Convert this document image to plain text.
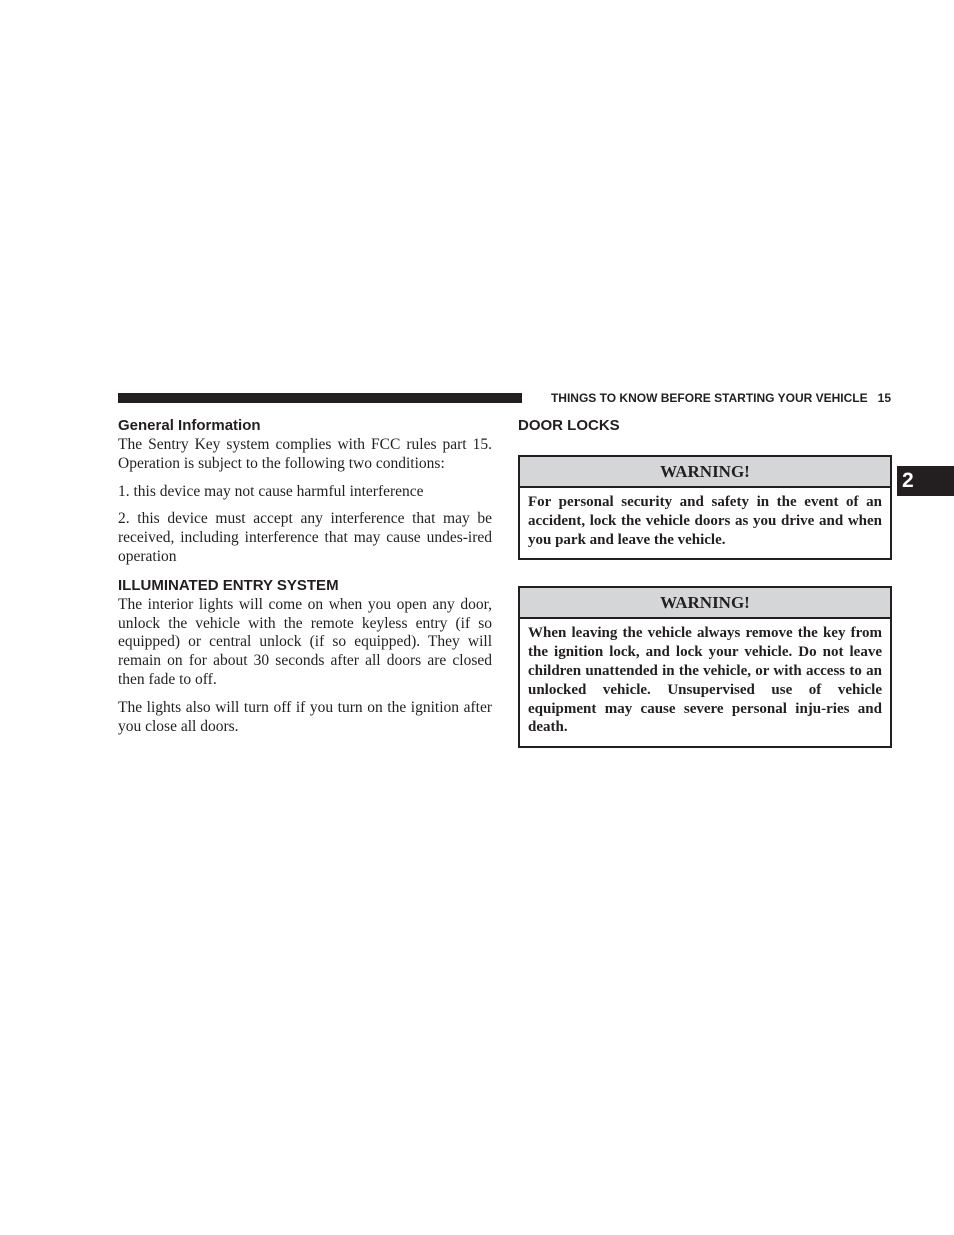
THINGS TO KNOW BEFORE STARTING YOUR VEHICLE 15
2
General Information

The Sentry Key system complies with FCC rules part 15. Operation is subject to the following two conditions:

1. this device may not cause harmful interference

2. this device must accept any interference that may be received, including interference that may cause undes-ired operation

ILLUMINATED ENTRY SYSTEM

The interior lights will come on when you open any door, unlock the vehicle with the remote keyless entry (if so equipped) or central unlock (if so equipped). They will remain on for about 30 seconds after all doors are closed then fade to off.

The lights also will turn off if you turn on the ignition after you close all doors.

DOOR LOCKS
WARNING!
For personal security and safety in the event of an accident, lock the vehicle doors as you drive and when you park and leave the vehicle.
WARNING!
When leaving the vehicle always remove the key from the ignition lock, and lock your vehicle. Do not leave children unattended in the vehicle, or with access to an unlocked vehicle. Unsupervised use of vehicle equipment may cause severe personal inju-ries and death.
